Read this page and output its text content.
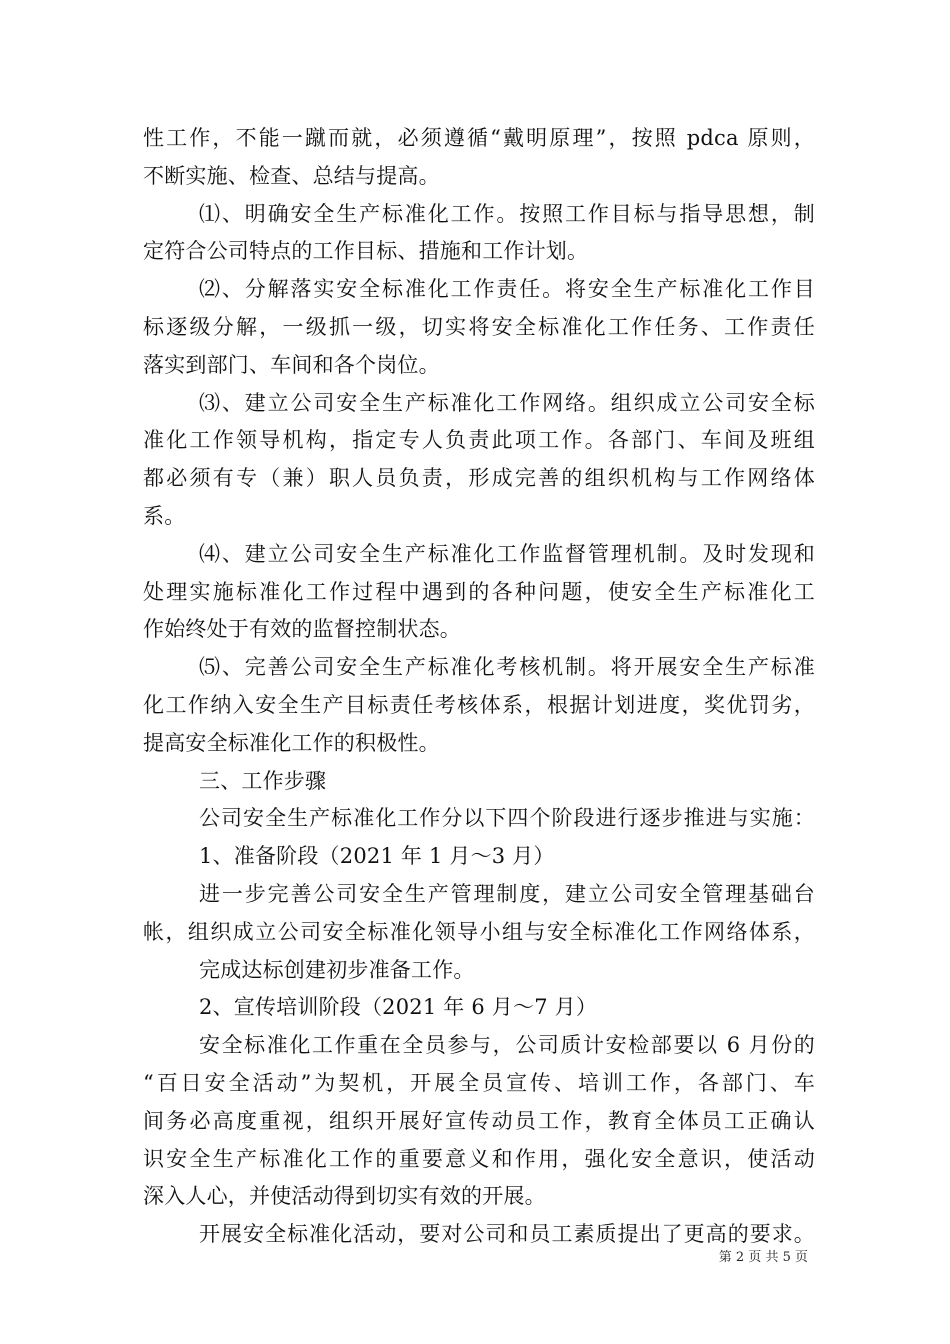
性工作，不能一蹴而就，必须遵循“戴明原理”，按照 pdca 原则，
不断实施、检查、总结与提高。
⑴、明确安全生产标准化工作。按照工作目标与指导思想，制
定符合公司特点的工作目标、措施和工作计划。
⑵、分解落实安全标准化工作责任。将安全生产标准化工作目
标逐级分解，一级抓一级，切实将安全标准化工作任务、工作责任
落实到部门、车间和各个岗位。
⑶、建立公司安全生产标准化工作网络。组织成立公司安全标
准化工作领导机构，指定专人负责此项工作。各部门、车间及班组
都必须有专（兼）职人员负责，形成完善的组织机构与工作网络体
系。
⑷、建立公司安全生产标准化工作监督管理机制。及时发现和
处理实施标准化工作过程中遇到的各种问题，使安全生产标准化工
作始终处于有效的监督控制状态。
⑸、完善公司安全生产标准化考核机制。将开展安全生产标准
化工作纳入安全生产目标责任考核体系，根据计划进度，奖优罚劣，
提高安全标准化工作的积极性。
三、工作步骤
公司安全生产标准化工作分以下四个阶段进行逐步推进与实施：
1、准备阶段（2021 年 1 月～3 月）
进一步完善公司安全生产管理制度，建立公司安全管理基础台
帐，组织成立公司安全标准化领导小组与安全标准化工作网络体系，
完成达标创建初步准备工作。
2、宣传培训阶段（2021 年 6 月～7 月）
安全标准化工作重在全员参与，公司质计安检部要以 6 月份的
“百日安全活动”为契机，开展全员宣传、培训工作，各部门、车
间务必高度重视，组织开展好宣传动员工作，教育全体员工正确认
识安全生产标准化工作的重要意义和作用，强化安全意识，使活动
深入人心，并使活动得到切实有效的开展。
开展安全标准化活动，要对公司和员工素质提出了更高的要求。
第 2 页 共 5 页
